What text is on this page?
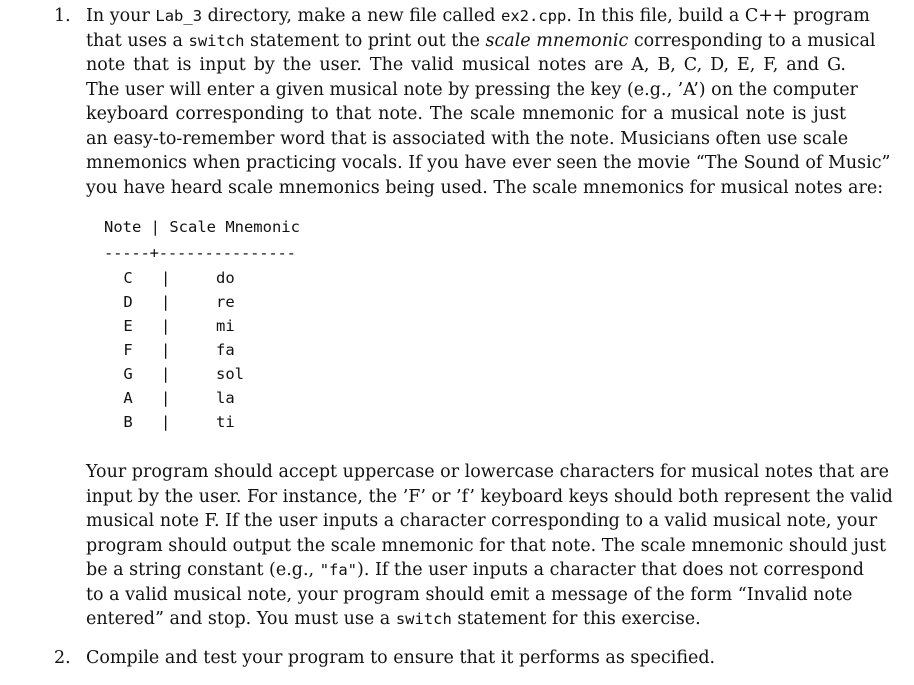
1. In your Lab_3 directory, make a new file called ex2.cpp. In this file, build a C++ program
that uses a switch statement to print out the scale mnemonic corresponding to a musical
note that is input by the user. The valid musical notes are A, B, C, D, E, F, and G.
The user will enter a given musical note by pressing the key (e.g., ’A’) on the computer
keyboard corresponding to that note. The scale mnemonic for a musical note is just
an easy-to-remember word that is associated with the note. Musicians often use scale
mnemonics when practicing vocals. If you have ever seen the movie “The Sound of Music”
you have heard scale mnemonics being used. The scale mnemonics for musical notes are:
Note | Scale Mnemonic
-----+---------------
C |	do
D |	re
E |	mi
F |	fa
G |	sol
A |	la
B |	ti
Your program should accept uppercase or lowercase characters for musical notes that are
input by the user. For instance, the ’F’ or ’f’ keyboard keys should both represent the valid
musical note F. If the user inputs a character corresponding to a valid musical note, your
program should output the scale mnemonic for that note. The scale mnemonic should just
be a string constant (e.g., "fa"). If the user inputs a character that does not correspond
to a valid musical note, your program should emit a message of the form “Invalid note
entered” and stop. You must use a switch statement for this exercise.
2. Compile and test your program to ensure that it performs as specified.
